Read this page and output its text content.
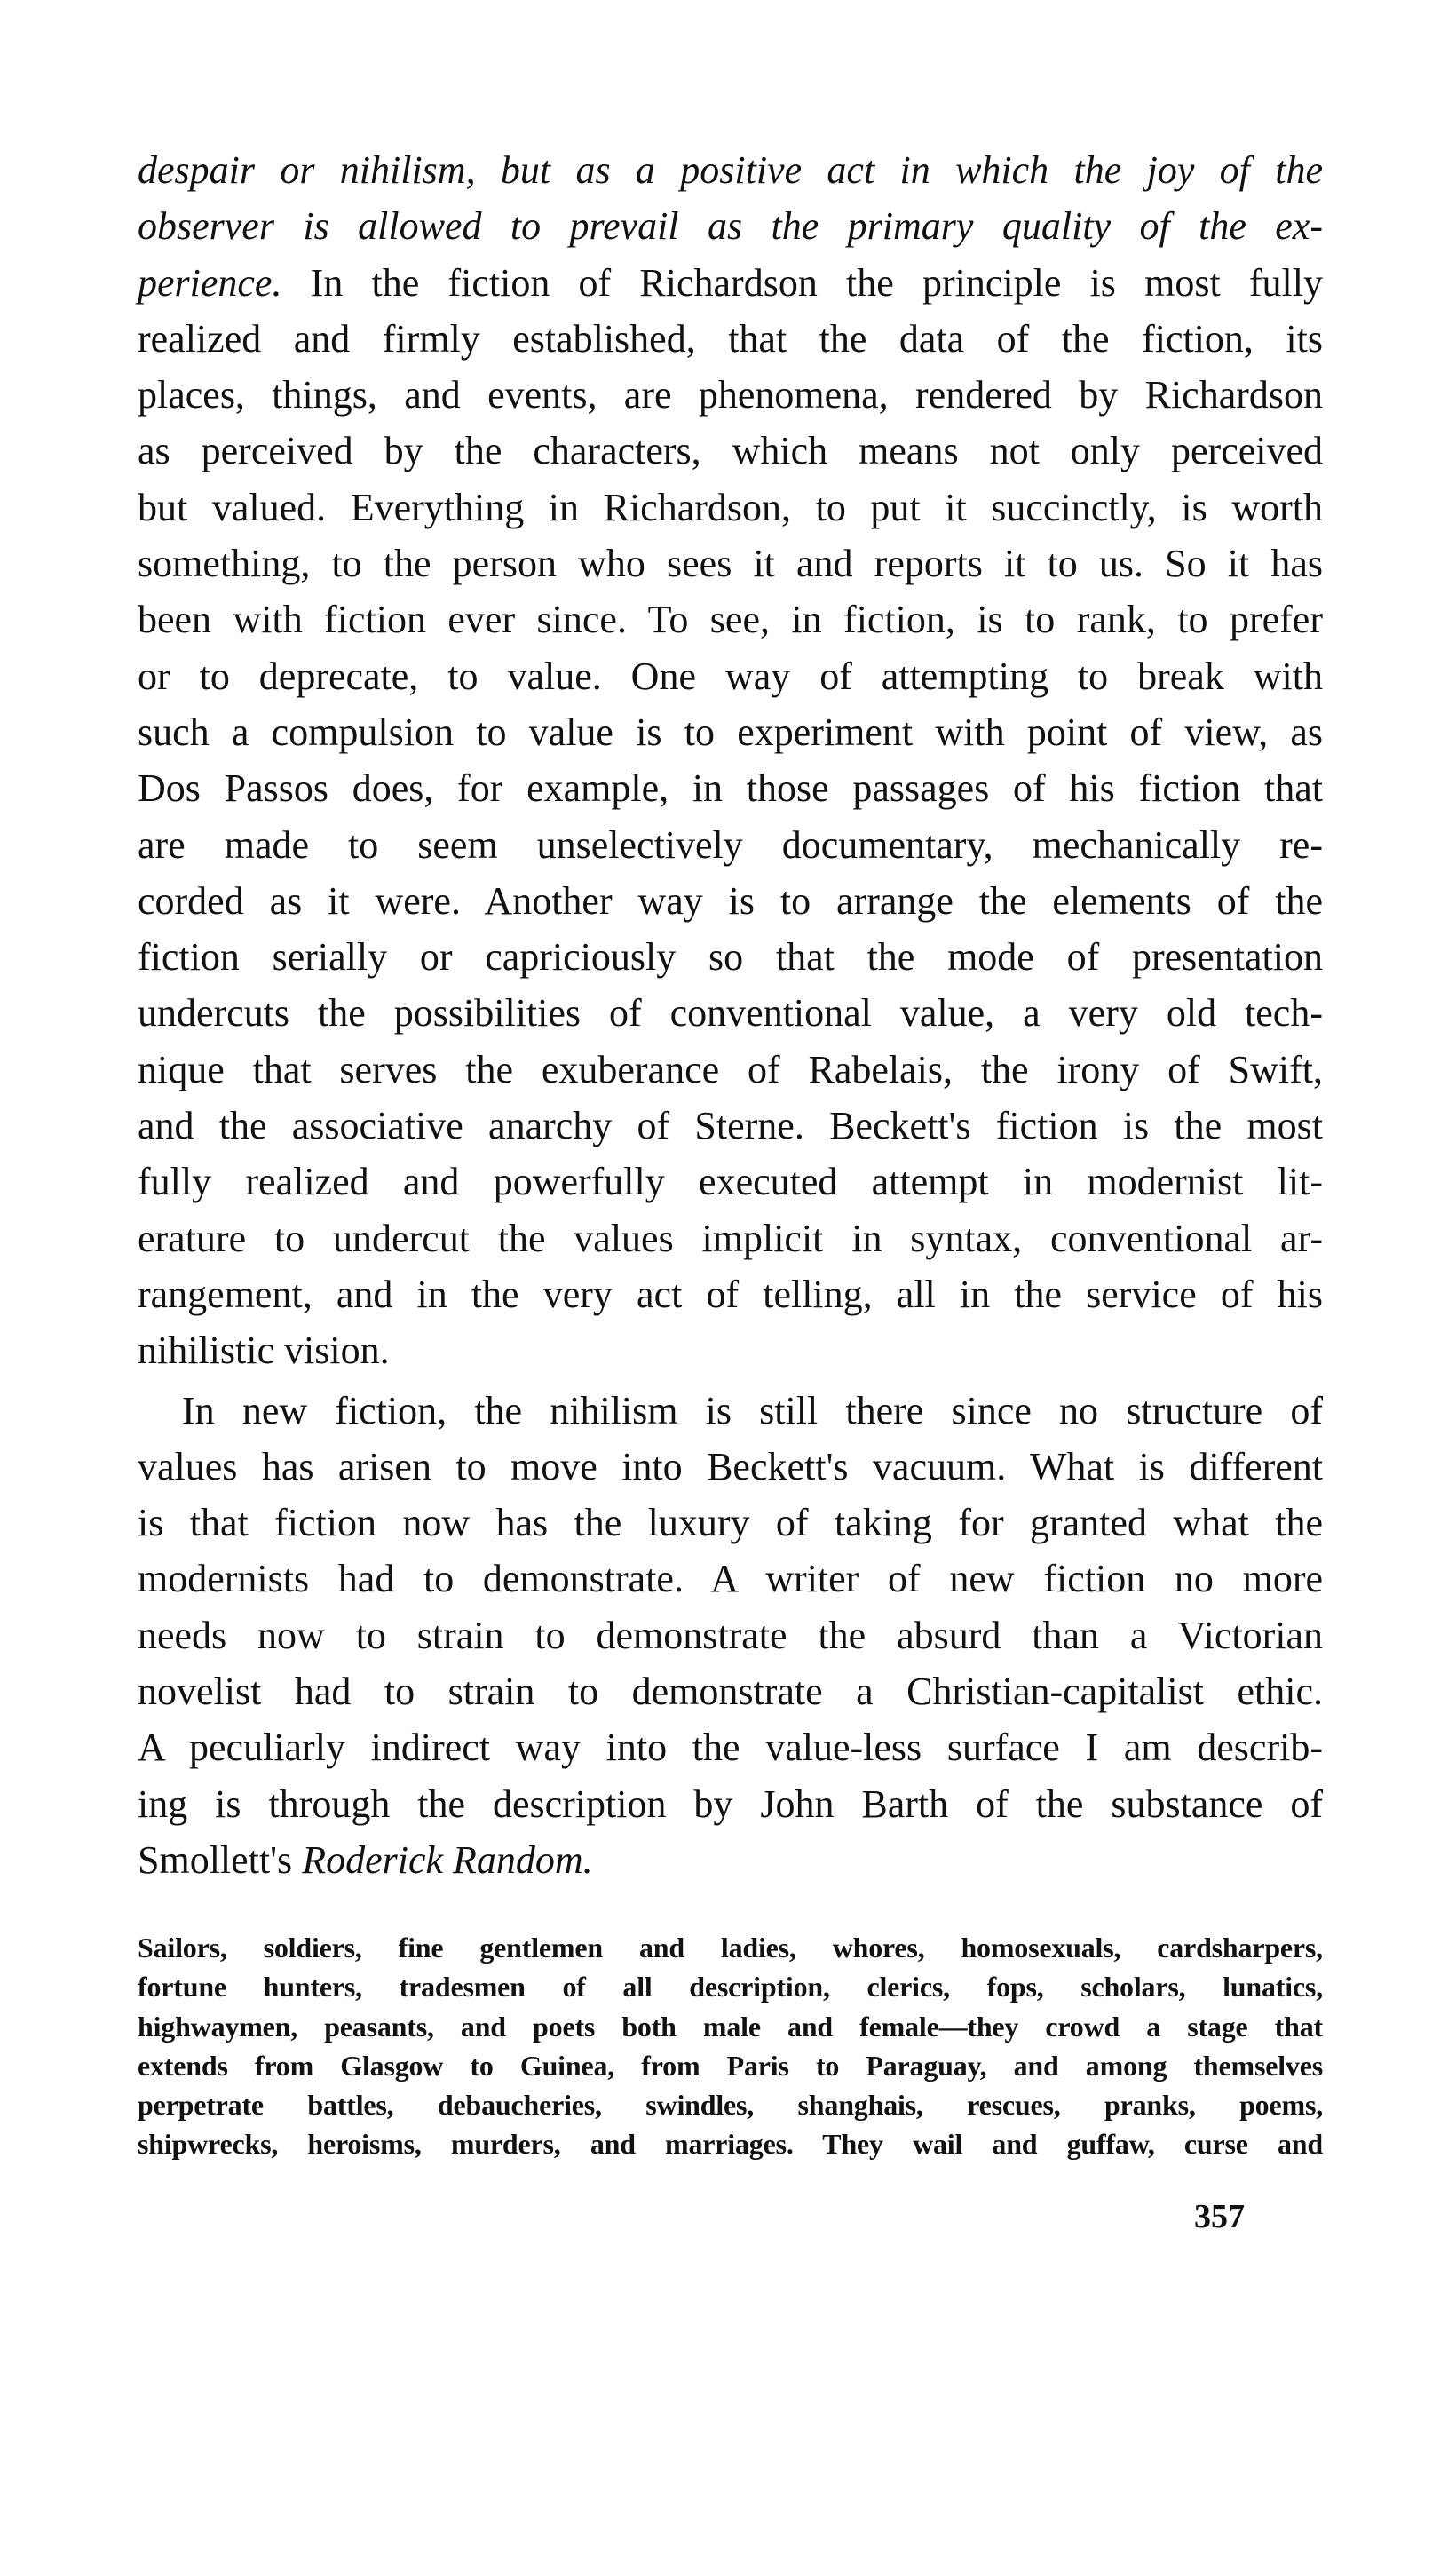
despair or nihilism, but as a positive act in which the joy of the
observer is allowed to prevail as the primary quality of the ex-
perience. In the fiction of Richardson the principle is most fully
realized and firmly established, that the data of the fiction, its
places, things, and events, are phenomena, rendered by Richardson
as perceived by the characters, which means not only perceived
but valued. Everything in Richardson, to put it succinctly, is worth
something, to the person who sees it and reports it to us. So it has
been with fiction ever since. To see, in fiction, is to rank, to prefer
or to deprecate, to value. One way of attempting to break with
such a compulsion to value is to experiment with point of view, as
Dos Passos does, for example, in those passages of his fiction that
are made to seem unselectively documentary, mechanically re-
corded as it were. Another way is to arrange the elements of the
fiction serially or capriciously so that the mode of presentation
undercuts the possibilities of conventional value, a very old tech-
nique that serves the exuberance of Rabelais, the irony of Swift,
and the associative anarchy of Sterne. Beckett's fiction is the most
fully realized and powerfully executed attempt in modernist lit-
erature to undercut the values implicit in syntax, conventional ar-
rangement, and in the very act of telling, all in the service of his
nihilistic vision.
In new fiction, the nihilism is still there since no structure of
values has arisen to move into Beckett's vacuum. What is different
is that fiction now has the luxury of taking for granted what the
modernists had to demonstrate. A writer of new fiction no more
needs now to strain to demonstrate the absurd than a Victorian
novelist had to strain to demonstrate a Christian-capitalist ethic.
A peculiarly indirect way into the value-less surface I am describ-
ing is through the description by John Barth of the substance of
Smollett's Roderick Random.
Sailors, soldiers, fine gentlemen and ladies, whores, homosexuals, cardsharpers,
fortune hunters, tradesmen of all description, clerics, fops, scholars, lunatics,
highwaymen, peasants, and poets both male and female—they crowd a stage that
extends from Glasgow to Guinea, from Paris to Paraguay, and among themselves
perpetrate battles, debaucheries, swindles, shanghais, rescues, pranks, poems,
shipwrecks, heroisms, murders, and marriages. They wail and guffaw, curse and
357
